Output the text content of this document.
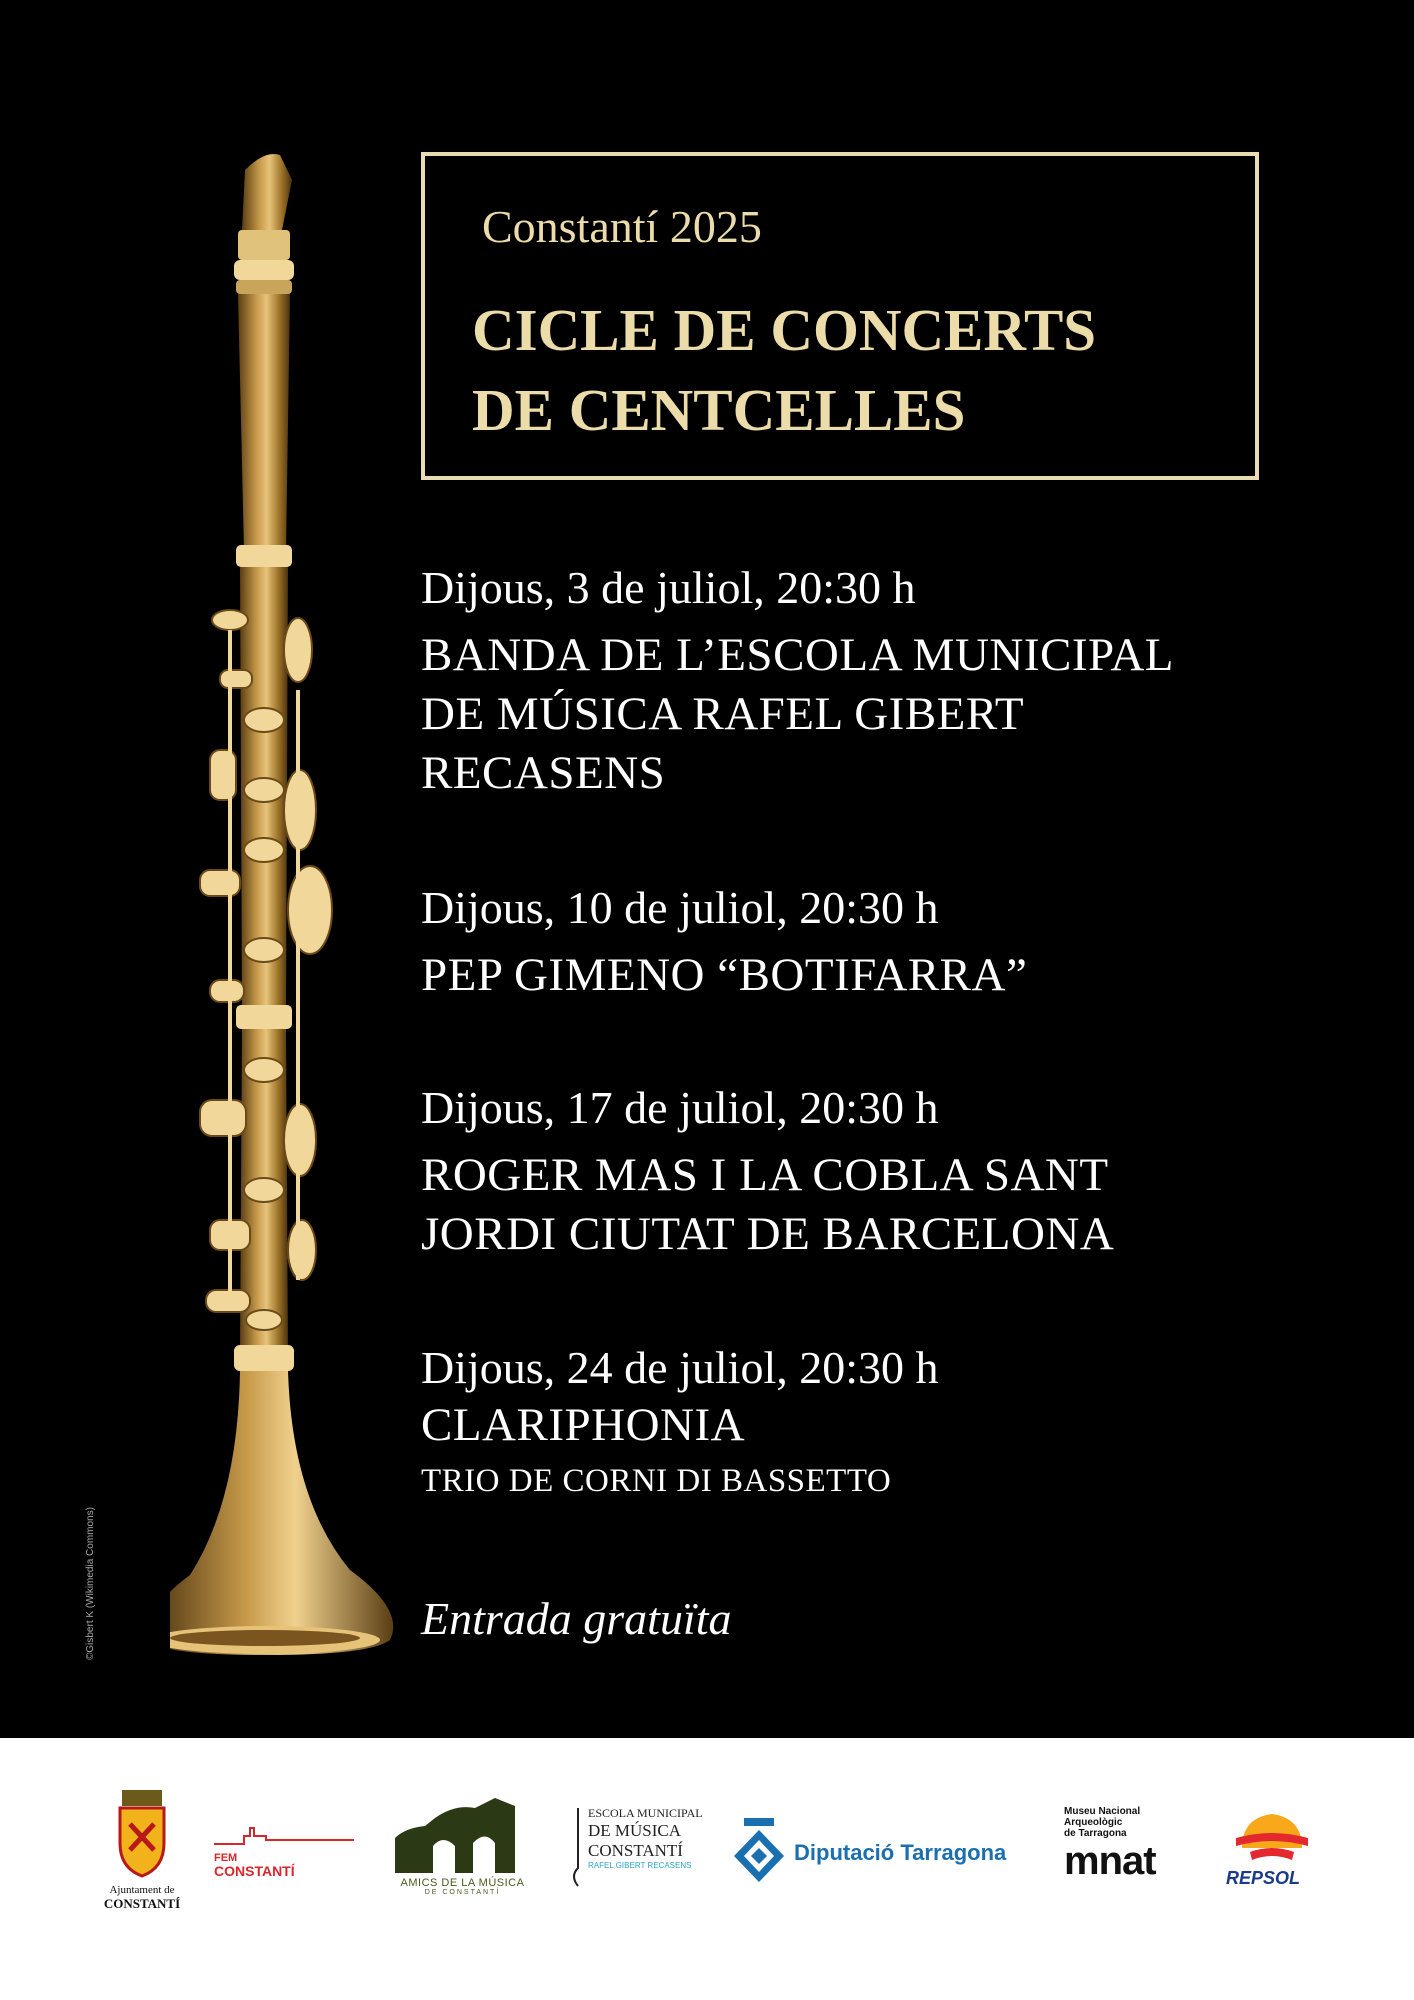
Constantí 2025
CICLE DE CONCERTS
DE CENTCELLES
Dijous, 3 de juliol, 20:30 h
BANDA DE L’ESCOLA MUNICIPAL
DE MÚSICA RAFEL GIBERT
RECASENS
Dijous, 10 de juliol, 20:30 h
PEP GIMENO “BOTIFARRA”
Dijous, 17 de juliol, 20:30 h
ROGER MAS I LA COBLA SANT
JORDI CIUTAT DE BARCELONA
Dijous, 24 de juliol, 20:30 h
CLARIPHONIA
TRIO DE CORNI DI BASSETTO
Entrada gratuïta
©Gisbert K (Wikimedia Commons)
Ajuntament de
CONSTANTÍ
FEM
CONSTANTÍ
AMICS DE LA MÚSICA
DE CONSTANTÍ
ESCOLA MUNICIPAL
DE MÚSICA
CONSTANTÍ
RAFEL GIBERT RECASENS
Diputació Tarragona
Museu Nacional
Arqueològic
de Tarragona
mnat	REPSOL
